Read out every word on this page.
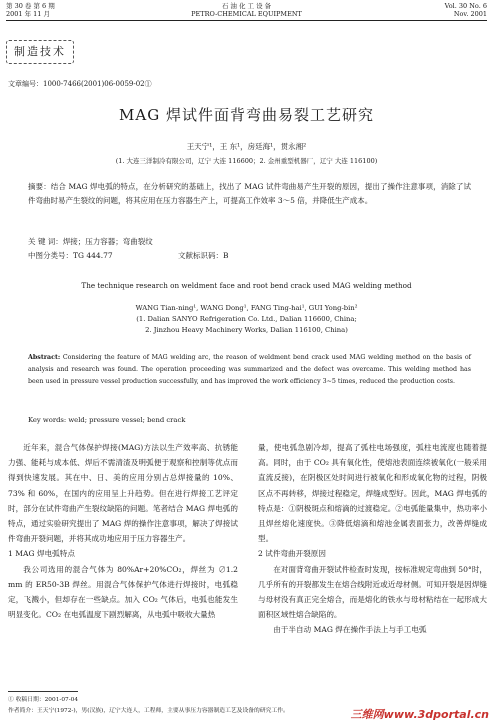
第 30 卷 第 6 期
2001 年 11 月
石 油 化 工 设 备
PETRO-CHEMICAL EQUIPMENT
Vol. 30 No. 6
Nov. 2001
制造技术
文章编号：1000-7466(2001)06-0059-02①
MAG 焊试件面背弯曲易裂工艺研究
王天宁¹，王 东¹，房廷海¹，贯永湘²
(1. 大连三洋制冷有限公司，辽宁 大连 116600；2. 金州重型机器厂，辽宁 大连 116100)
摘要：结合 MAG 焊电弧的特点，在分析研究的基础上，找出了 MAG 试件弯曲易产生开裂的原因，提出了操作注意事项，消除了试件弯曲时易产生裂纹的问题，将其应用在压力容器生产上，可提高工作效率 3～5 倍，并降低生产成本。
关 键 词：焊接；压力容器；弯曲裂纹
中图分类号：TG 444.77	文献标识码：B
The technique research on weldment face and root bend crack used MAG welding method
WANG Tian-ning¹, WANG Dong¹, FANG Ting-hai¹, GUI Yong-bin²
(1. Dalian SANYO Refrigeration Co. Ltd., Dalian 116600, China;
2. Jinzhou Heavy Machinery Works, Dalian 116100, China)
Abstract: Considering the feature of MAG welding arc, the reason of weldment bend crack used MAG welding method on the basis of analysis and research was found. The operation proceeding was summarized and the defect was overcame. This welding method has been used in pressure vessel production successfully, and has improved the work efficiency 3~5 times, reduced the production costs.
Key words: weld; pressure vessel; bend crack

近年来，混合气体保护焊接(MAG)方法以生产效率高、抗锈能力强、能耗与成本低、焊后不需清渣及明弧便于观察和控制等优点而得到快速发展。其在中、日、美的应用分别占总焊接量的 10%、73% 和 60%，在国内的应用呈上升趋势。但在进行焊接工艺评定时，部分在试件弯曲产生裂纹缺陷的问题。笔者结合 MAG 焊电弧的特点，通过实验研究提出了 MAG 焊的操作注意事项，解决了焊接试件弯曲开裂问题，并将其成功地应用于压力容器生产。

1 MAG 焊电弧特点

我公司选用的混合气体为 80%Ar+20%CO₂，焊丝为 ∅1.2 mm 的 ER50-3B 焊丝。用混合气体保护气体进行焊接时，电弧稳定，飞溅小，但却存在一些缺点。加入 CO₂ 气体后，电弧也能发生明显变化。CO₂ 在电弧温度下剧烈解离，从电弧中吸收大量热

量，使电弧急剧冷却，提高了弧柱电场强度，弧柱电流度也随着提高。同时，由于 CO₂ 具有氧化性，使熔池表面连续被氧化(一般采用直流反接)，在阴极区处时间进行被氧化和形成氧化物的过程，阴极区点不再转移，焊接过程稳定，焊缝成型好。因此，MAG 焊电弧的特点是：①阴极斑点和熔滴的过渡稳定。②电弧能量集中，热功率小且焊丝熔化速度快。③降低熔滴和熔池金属表面张力，改善焊缝成型。

2 试件弯曲开裂原因

在对面背弯曲开裂试件检查时发现，按标准规定弯曲到 50°时，几乎所有的开裂都发生在熔合线附近或近母材侧。可知开裂是因焊缝与母材没有真正完全熔合，而是熔化的铁水与母材粘结在一起形成大面积区域性熔合缺陷的。

由于半自动 MAG 焊在操作手法上与手工电弧

① 收稿日期：2001-07-04
作者简介：王天宁(1972-)，男(汉族)，辽宁大连人，工程师，主要从事压力容器制造工艺及设备的研究工作。	三维网www.3dportal.cn
